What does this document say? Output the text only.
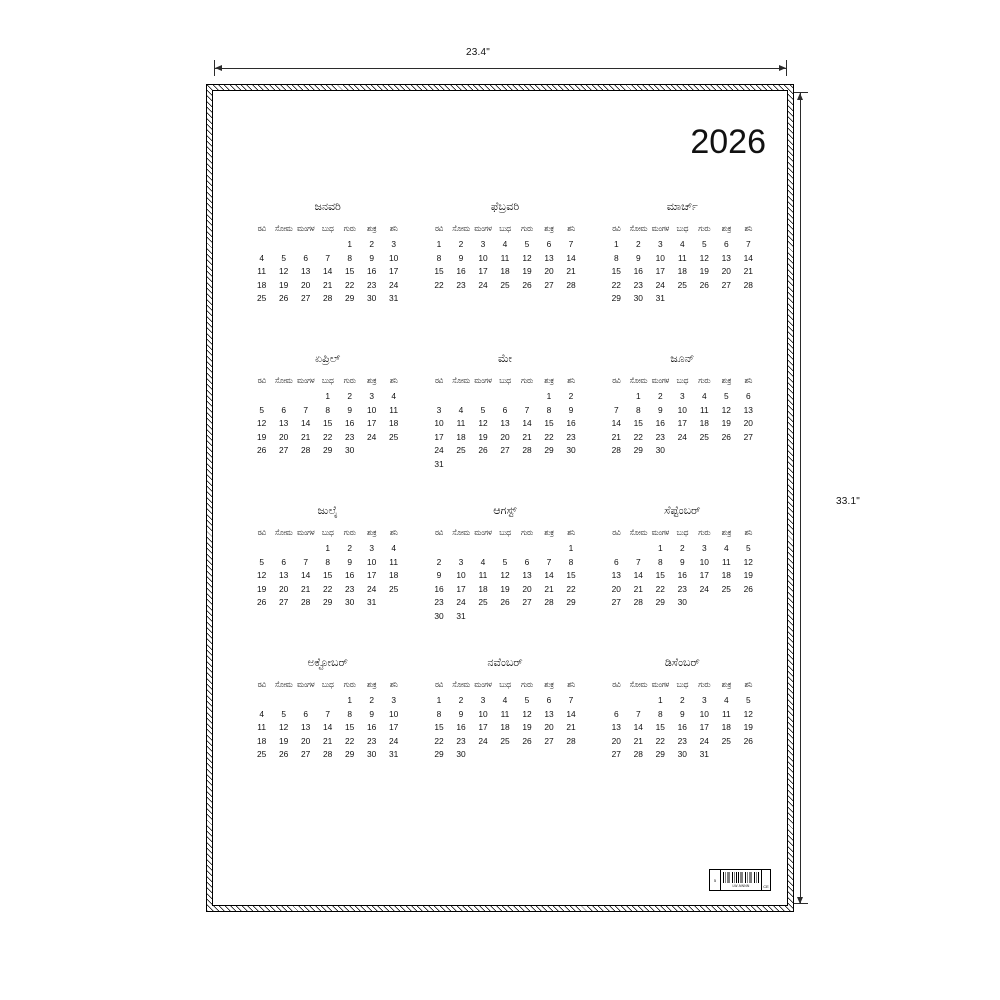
23.4"
33.1"
2026
ಜನವರಿ
ರವಿ	ಸೋಮ	ಮಂಗಳ	ಬುಧ	ಗುರು	ಶುಕ್ರ	ಶನಿ
				1	2	3
4	5	6	7	8	9	10
11	12	13	14	15	16	17
18	19	20	21	22	23	24
25	26	27	28	29	30	31
ಫೆಬ್ರವರಿ
ರವಿ	ಸೋಮ	ಮಂಗಳ	ಬುಧ	ಗುರು	ಶುಕ್ರ	ಶನಿ
1	2	3	4	5	6	7
8	9	10	11	12	13	14
15	16	17	18	19	20	21
22	23	24	25	26	27	28
ಮಾರ್ಚ್
ರವಿ	ಸೋಮ	ಮಂಗಳ	ಬುಧ	ಗುರು	ಶುಕ್ರ	ಶನಿ
1	2	3	4	5	6	7
8	9	10	11	12	13	14
15	16	17	18	19	20	21
22	23	24	25	26	27	28
29	30	31				
ಏಪ್ರಿಲ್
ರವಿ	ಸೋಮ	ಮಂಗಳ	ಬುಧ	ಗುರು	ಶುಕ್ರ	ಶನಿ
			1	2	3	4
5	6	7	8	9	10	11
12	13	14	15	16	17	18
19	20	21	22	23	24	25
26	27	28	29	30		
ಮೇ
ರವಿ	ಸೋಮ	ಮಂಗಳ	ಬುಧ	ಗುರು	ಶುಕ್ರ	ಶನಿ
					1	2
3	4	5	6	7	8	9
10	11	12	13	14	15	16
17	18	19	20	21	22	23
24	25	26	27	28	29	30
31						
ಜೂನ್
ರವಿ	ಸೋಮ	ಮಂಗಳ	ಬುಧ	ಗುರು	ಶುಕ್ರ	ಶನಿ
	1	2	3	4	5	6
7	8	9	10	11	12	13
14	15	16	17	18	19	20
21	22	23	24	25	26	27
28	29	30				
ಜುಲೈ
ರವಿ	ಸೋಮ	ಮಂಗಳ	ಬುಧ	ಗುರು	ಶುಕ್ರ	ಶನಿ
			1	2	3	4
5	6	7	8	9	10	11
12	13	14	15	16	17	18
19	20	21	22	23	24	25
26	27	28	29	30	31	
ಆಗಸ್ಟ್
ರವಿ	ಸೋಮ	ಮಂಗಳ	ಬುಧ	ಗುರು	ಶುಕ್ರ	ಶನಿ
						1
2	3	4	5	6	7	8
9	10	11	12	13	14	15
16	17	18	19	20	21	22
23	24	25	26	27	28	29
30	31					
ಸೆಪ್ಟೆಂಬರ್
ರವಿ	ಸೋಮ	ಮಂಗಳ	ಬುಧ	ಗುರು	ಶುಕ್ರ	ಶನಿ
		1	2	3	4	5
6	7	8	9	10	11	12
13	14	15	16	17	18	19
20	21	22	23	24	25	26
27	28	29	30			
ಅಕ್ಟೋಬರ್
ರವಿ	ಸೋಮ	ಮಂಗಳ	ಬುಧ	ಗುರು	ಶುಕ್ರ	ಶನಿ
				1	2	3
4	5	6	7	8	9	10
11	12	13	14	15	16	17
18	19	20	21	22	23	24
25	26	27	28	29	30	31
ನವೆಂಬರ್
ರವಿ	ಸೋಮ	ಮಂಗಳ	ಬುಧ	ಗುರು	ಶುಕ್ರ	ಶನಿ
1	2	3	4	5	6	7
8	9	10	11	12	13	14
15	16	17	18	19	20	21
22	23	24	25	26	27	28
29	30					
ಡಿಸೆಂಬರ್
ರವಿ	ಸೋಮ	ಮಂಗಳ	ಬುಧ	ಗುರು	ಶುಕ್ರ	ಶನಿ
		1	2	3	4	5
6	7	8	9	10	11	12
13	14	15	16	17	18	19
20	21	22	23	24	25	26
27	28	29	30	31		
5
LW-NNNN	CE
